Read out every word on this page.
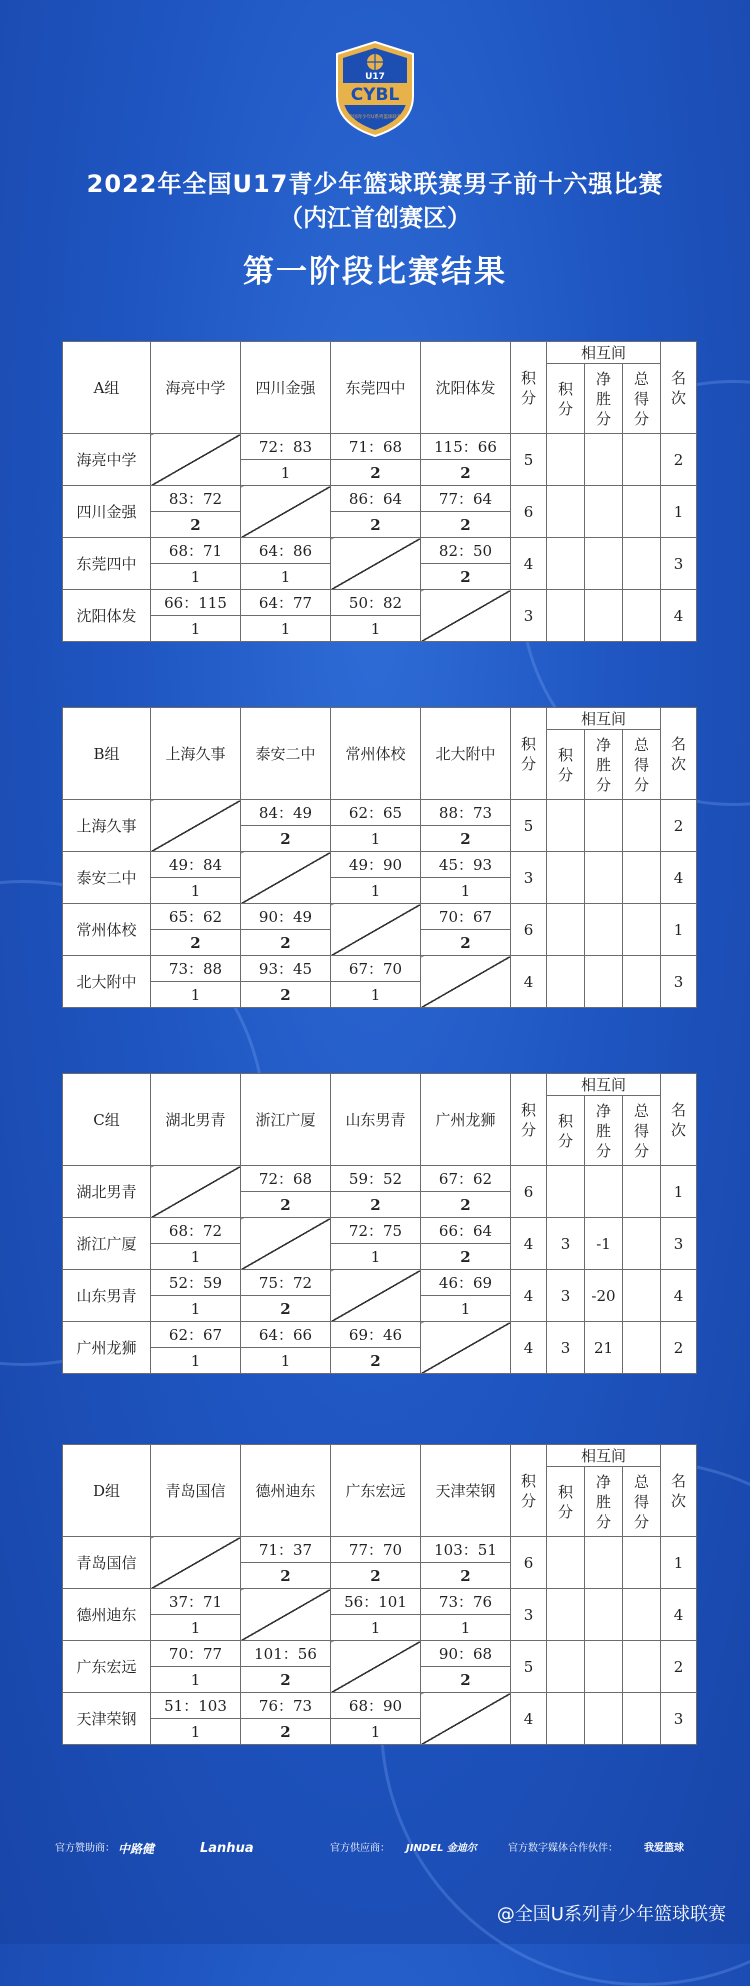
U17
CYBL
全国青少年U系列篮球联赛
2022年全国U17青少年篮球联赛男子前十六强比赛
（内江首创赛区）
第一阶段比赛结果
A组	海亮中学	四川金强	东莞四中	沈阳体发	积分	相互间			名次
						积分	净胜分	总得分	
海亮中学		72：83	71：68	115：66	5				2
		1	2	2					
四川金强	83：72		86：64	77：64	6				1
	2		2	2					
东莞四中	68：71	64：86		82：50	4				3
	1	1		2					
沈阳体发	66：115	64：77	50：82		3				4
	1	1	1						
B组	上海久事	泰安二中	常州体校	北大附中	积分	相互间			名次
						积分	净胜分	总得分	
上海久事		84：49	62：65	88：73	5				2
		2	1	2					
泰安二中	49：84		49：90	45：93	3				4
	1		1	1					
常州体校	65：62	90：49		70：67	6				1
	2	2		2					
北大附中	73：88	93：45	67：70		4				3
	1	2	1						
C组	湖北男青	浙江广厦	山东男青	广州龙狮	积分	相互间			名次
						积分	净胜分	总得分	
湖北男青		72：68	59：52	67：62	6				1
		2	2	2					
浙江广厦	68：72		72：75	66：64	4	3	-1		3
	1		1	2					
山东男青	52：59	75：72		46：69	4	3	-20		4
	1	2		1					
广州龙狮	62：67	64：66	69：46		4	3	21		2
	1	1	2						
D组	青岛国信	德州迪东	广东宏远	天津荣钢	积分	相互间			名次
						积分	净胜分	总得分	
青岛国信		71：37	77：70	103：51	6				1
		2	2	2					
德州迪东	37：71		56：101	73：76	3				4
	1		1	1					
广东宏远	70：77	101：56		90：68	5				2
	1	2		2					
天津荣钢	51：103	76：73	68：90		4				3
	1	2	1						
官方赞助商： 中路健	Lanhua	官方供应商： JINDEL 金迪尔	官方数字媒体合作伙伴：	我爱篮球
@全国U系列青少年篮球联赛
